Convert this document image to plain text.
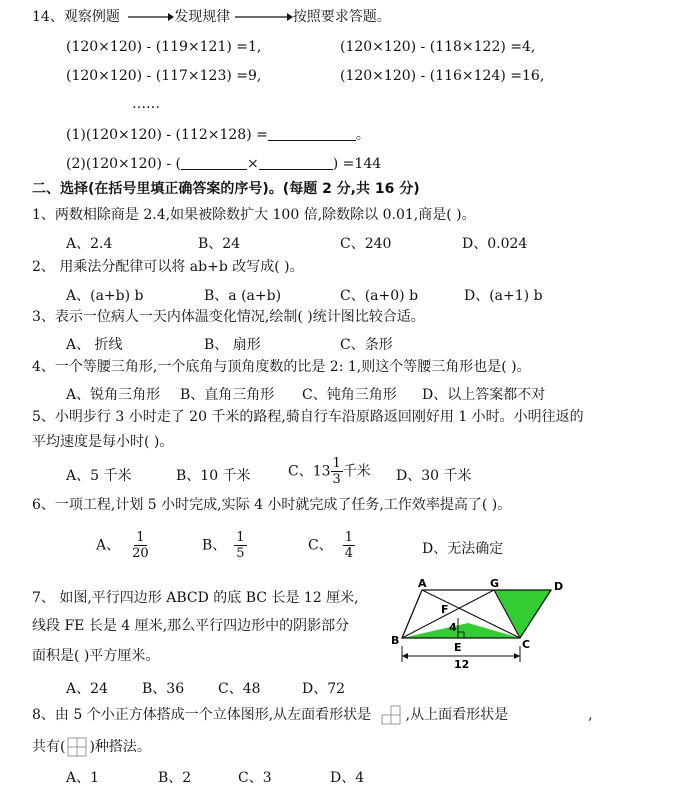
14、观察例题	发现规律	按照要求答题。
(120×120) - (119×121) =1,	(120×120) - (118×122) =4,
(120×120) - (117×123) =9,	(120×120) - (116×124) =16,
……
(1)(120×120) - (112×128) =	。
(2)(120×120) - (	×	) =144
二、选择(在括号里填正确答案的序号)。(每题 2 分,共 16 分)
1、两数相除商是 2.4,如果被除数扩大 100 倍,除数除以 0.01,商是( )。
A、2.4	B、24	C、240	D、0.024
2、 用乘法分配律可以将 ab+b 改写成( )。
A、(a+b) b	B、a (a+b)	C、(a+0) b	D、(a+1) b
3、表示一位病人一天内体温变化情况,绘制( )统计图比较合适。
A、 折线	B、 扇形	C、条形
4、一个等腰三角形,一个底角与顶角度数的比是 2: 1,则这个等腰三角形也是( )。
A、锐角三角形 B、直角三角形 C、钝角三角形 D、以上答案都不对
5、小明步行 3 小时走了 20 千米的路程,骑自行车沿原路返回刚好用 1 小时。小明往返的
平均速度是每小时( )。
A、5 千米	B、10 千米	C、$13 \frac{1}{3}$ 千米 D、30 千米
6、一项工程,计划 5 小时完成,实际 4 小时就完成了任务,工作效率提高了( )。
A、 $\frac{1}{20}$	B、 $\frac{1}{5}$	C、 $\frac{1}{4}$	D、无法确定
7、 如图,平行四边形 ABCD 的底 BC 长是 12 厘米,
线段 FE 长是 4 厘米,那么平行四边形中的阴影部分
面积是( )平方厘米。
A	G	D
F
4
B
E	C
12
A、24 B、36 C、48	D、72
8、由 5 个小正方体搭成一个立体图形,从左面看形状是 ,从上面看形状是	,
共有( )种搭法。
A、1	B、2	C、3	D、4
